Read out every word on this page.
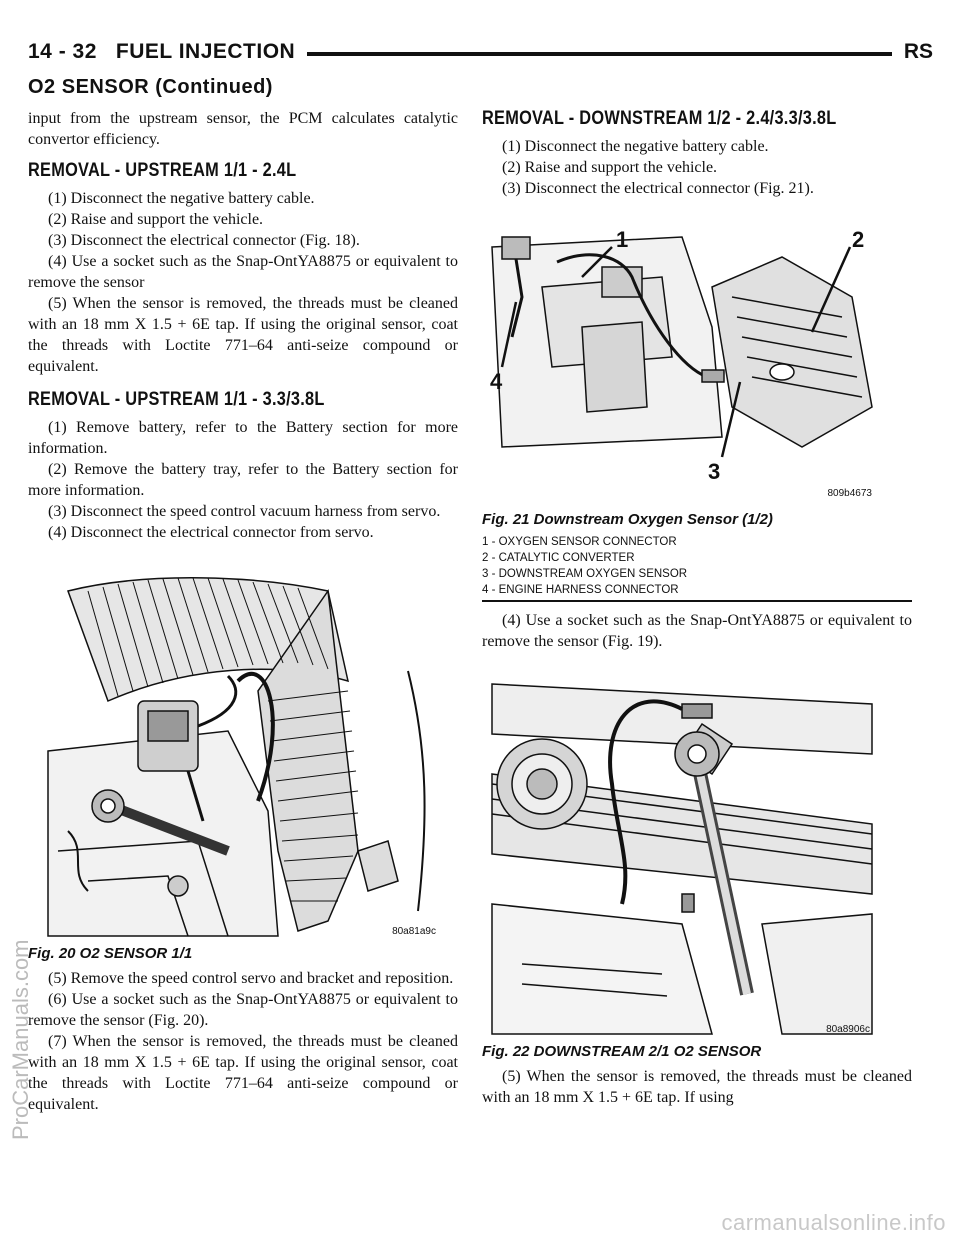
14 - 32 FUEL INJECTION	RS
O2 SENSOR (Continued)

input from the upstream sensor, the PCM calculates catalytic convertor efficiency.

REMOVAL - UPSTREAM 1/1 - 2.4L

(1) Disconnect the negative battery cable.

(2) Raise and support the vehicle.

(3) Disconnect the electrical connector (Fig. 18).

(4) Use a socket such as the Snap-OntYA8875 or equivalent to remove the sensor

(5) When the sensor is removed, the threads must be cleaned with an 18 mm X 1.5 + 6E tap. If using the original sensor, coat the threads with Loctite 771–64 anti-seize compound or equivalent.

REMOVAL - UPSTREAM 1/1 - 3.3/3.8L

(1) Remove battery, refer to the Battery section for more information.

(2) Remove the battery tray, refer to the Battery section for more information.

(3) Disconnect the speed control vacuum harness from servo.

(4) Disconnect the electrical connector from servo.

80a81a9c
Fig. 20 O2 SENSOR 1/1

(5) Remove the speed control servo and bracket and reposition.

(6) Use a socket such as the Snap-OntYA8875 or equivalent to remove the sensor (Fig. 20).

(7) When the sensor is removed, the threads must be cleaned with an 18 mm X 1.5 + 6E tap. If using the original sensor, coat the threads with Loctite 771–64 anti-seize compound or equivalent.

REMOVAL - DOWNSTREAM 1/2 - 2.4/3.3/3.8L

(1) Disconnect the negative battery cable.

(2) Raise and support the vehicle.

(3) Disconnect the electrical connector (Fig. 21).

1	2
3
4
809b4673
Fig. 21 Downstream Oxygen Sensor (1/2)
1 - OXYGEN SENSOR CONNECTOR
2 - CATALYTIC CONVERTER
3 - DOWNSTREAM OXYGEN SENSOR
4 - ENGINE HARNESS CONNECTOR

(4) Use a socket such as the Snap-OntYA8875 or equivalent to remove the sensor (Fig. 19).

80a8906c
Fig. 22 DOWNSTREAM 2/1 O2 SENSOR

(5) When the sensor is removed, the threads must be cleaned with an 18 mm X 1.5 + 6E tap. If using

ProCarManuals.com
carmanualsonline.info
